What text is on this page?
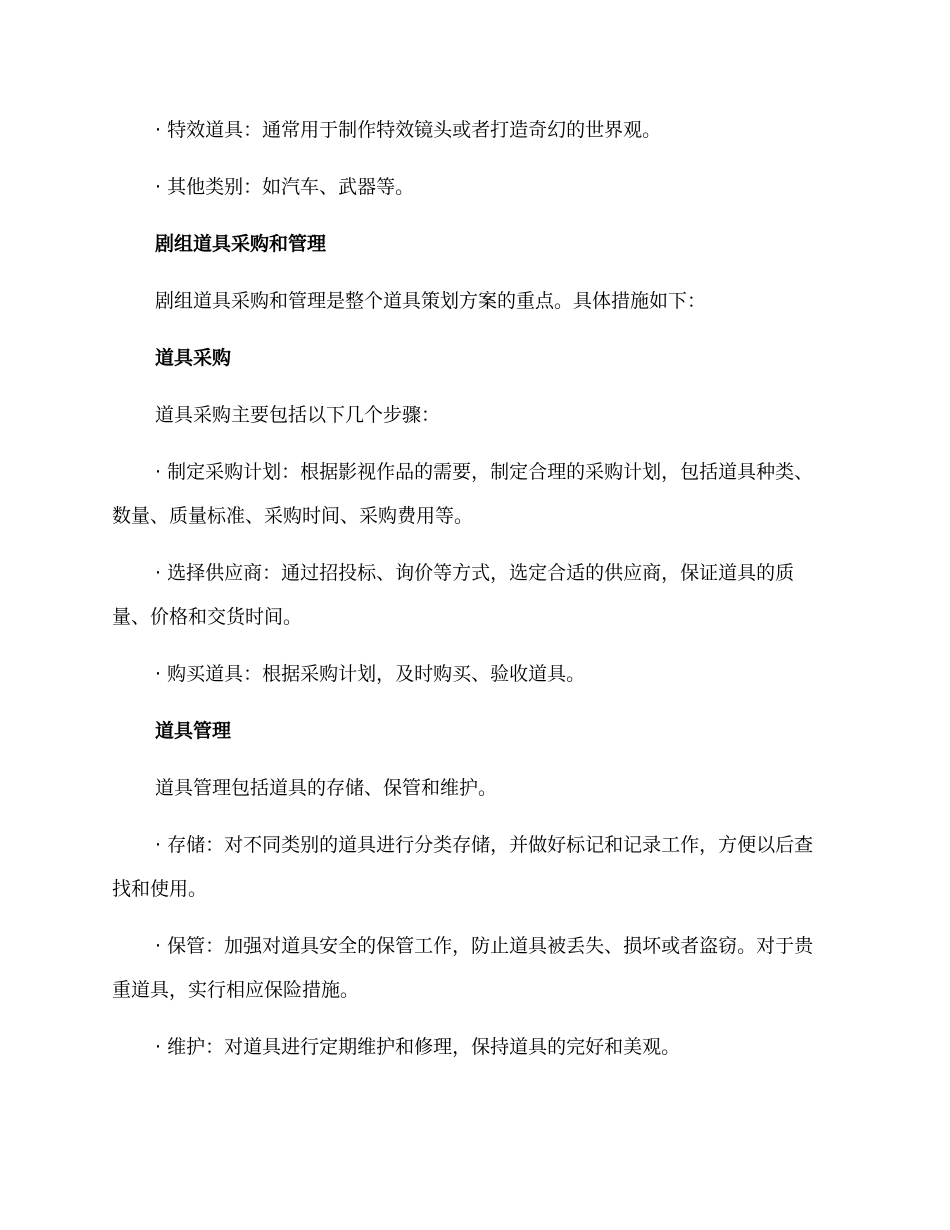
· 特效道具：通常用于制作特效镜头或者打造奇幻的世界观。

· 其他类别：如汽车、武器等。

剧组道具采购和管理

剧组道具采购和管理是整个道具策划方案的重点。具体措施如下：

道具采购

道具采购主要包括以下几个步骤：

· 制定采购计划：根据影视作品的需要，制定合理的采购计划，包括道具种类、数量、质量标准、采购时间、采购费用等。

· 选择供应商：通过招投标、询价等方式，选定合适的供应商，保证道具的质量、价格和交货时间。

· 购买道具：根据采购计划，及时购买、验收道具。

道具管理

道具管理包括道具的存储、保管和维护。

· 存储：对不同类别的道具进行分类存储，并做好标记和记录工作，方便以后查找和使用。

· 保管：加强对道具安全的保管工作，防止道具被丢失、损坏或者盗窃。对于贵重道具，实行相应保险措施。

· 维护：对道具进行定期维护和修理，保持道具的完好和美观。
